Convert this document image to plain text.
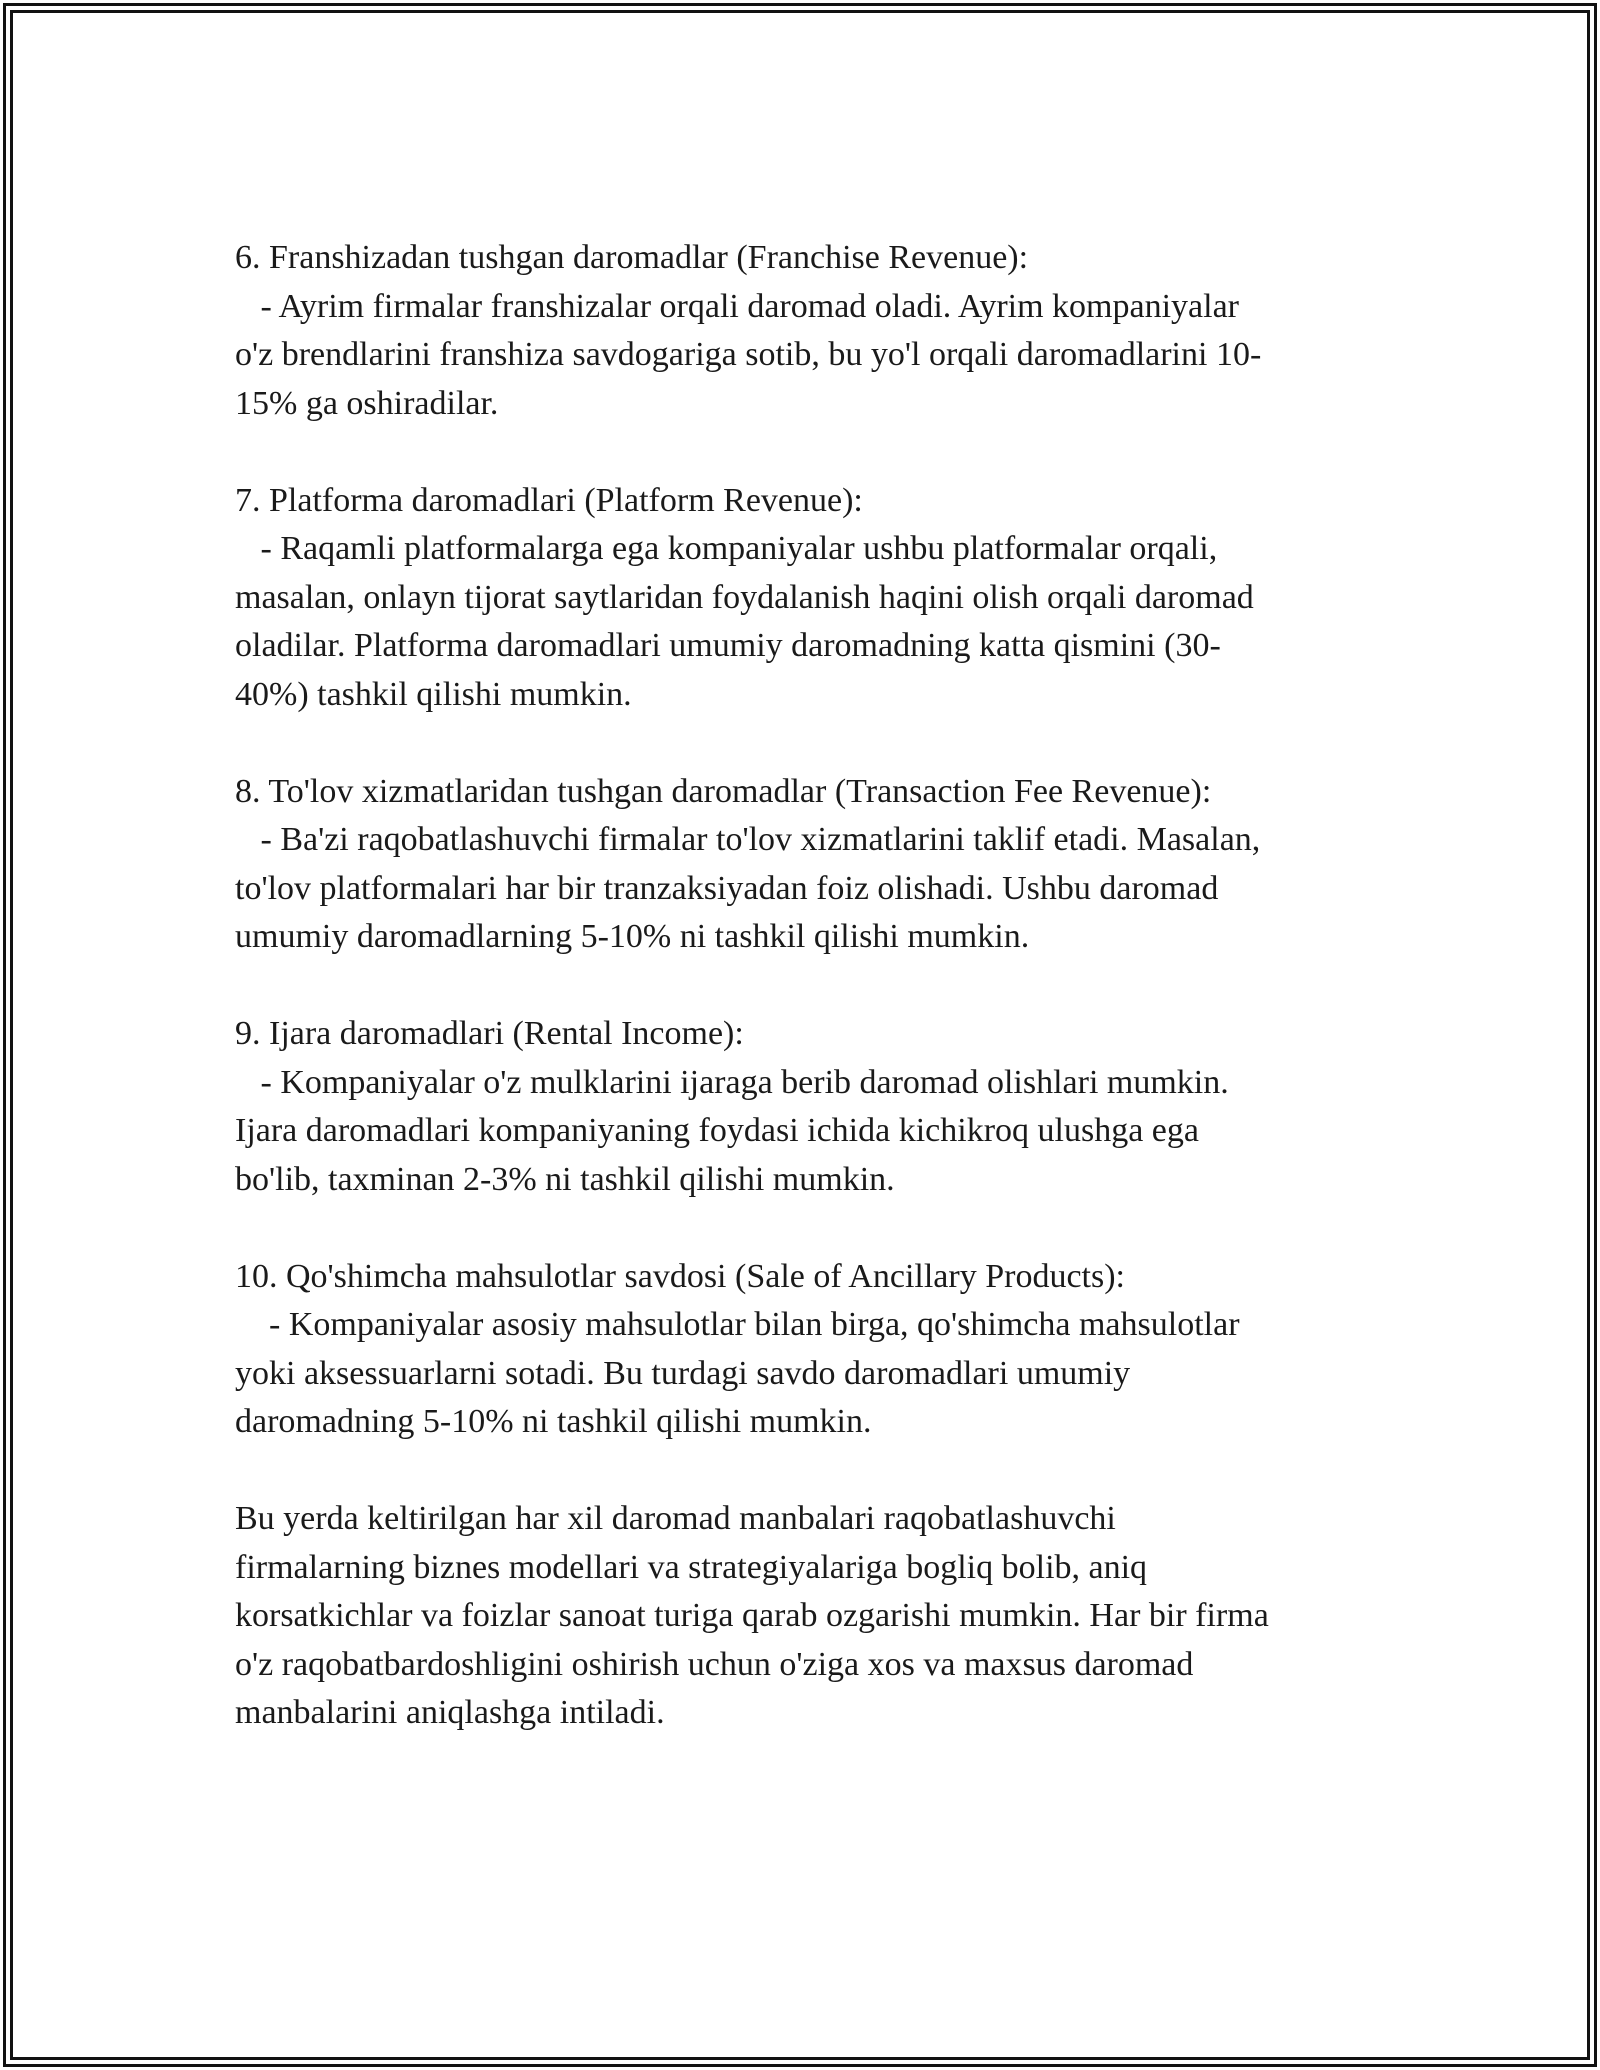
6. Franshizadan tushgan daromadlar (Franchise Revenue):
- Ayrim firmalar franshizalar orqali daromad oladi. Ayrim kompaniyalar
o'z brendlarini franshiza savdogariga sotib, bu yo'l orqali daromadlarini 10-
15% ga oshiradilar.
7. Platforma daromadlari (Platform Revenue):
- Raqamli platformalarga ega kompaniyalar ushbu platformalar orqali,
masalan, onlayn tijorat saytlaridan foydalanish haqini olish orqali daromad
oladilar. Platforma daromadlari umumiy daromadning katta qismini (30-
40%) tashkil qilishi mumkin.
8. To'lov xizmatlaridan tushgan daromadlar (Transaction Fee Revenue):
- Ba'zi raqobatlashuvchi firmalar to'lov xizmatlarini taklif etadi. Masalan,
to'lov platformalari har bir tranzaksiyadan foiz olishadi. Ushbu daromad
umumiy daromadlarning 5-10% ni tashkil qilishi mumkin.
9. Ijara daromadlari (Rental Income):
- Kompaniyalar o'z mulklarini ijaraga berib daromad olishlari mumkin.
Ijara daromadlari kompaniyaning foydasi ichida kichikroq ulushga ega
bo'lib, taxminan 2-3% ni tashkil qilishi mumkin.
10. Qo'shimcha mahsulotlar savdosi (Sale of Ancillary Products):
- Kompaniyalar asosiy mahsulotlar bilan birga, qo'shimcha mahsulotlar
yoki aksessuarlarni sotadi. Bu turdagi savdo daromadlari umumiy
daromadning 5-10% ni tashkil qilishi mumkin.
Bu yerda keltirilgan har xil daromad manbalari raqobatlashuvchi
firmalarning biznes modellari va strategiyalariga bogliq bolib, aniq
korsatkichlar va foizlar sanoat turiga qarab ozgarishi mumkin. Har bir firma
o'z raqobatbardoshligini oshirish uchun o'ziga xos va maxsus daromad
manbalarini aniqlashga intiladi.
